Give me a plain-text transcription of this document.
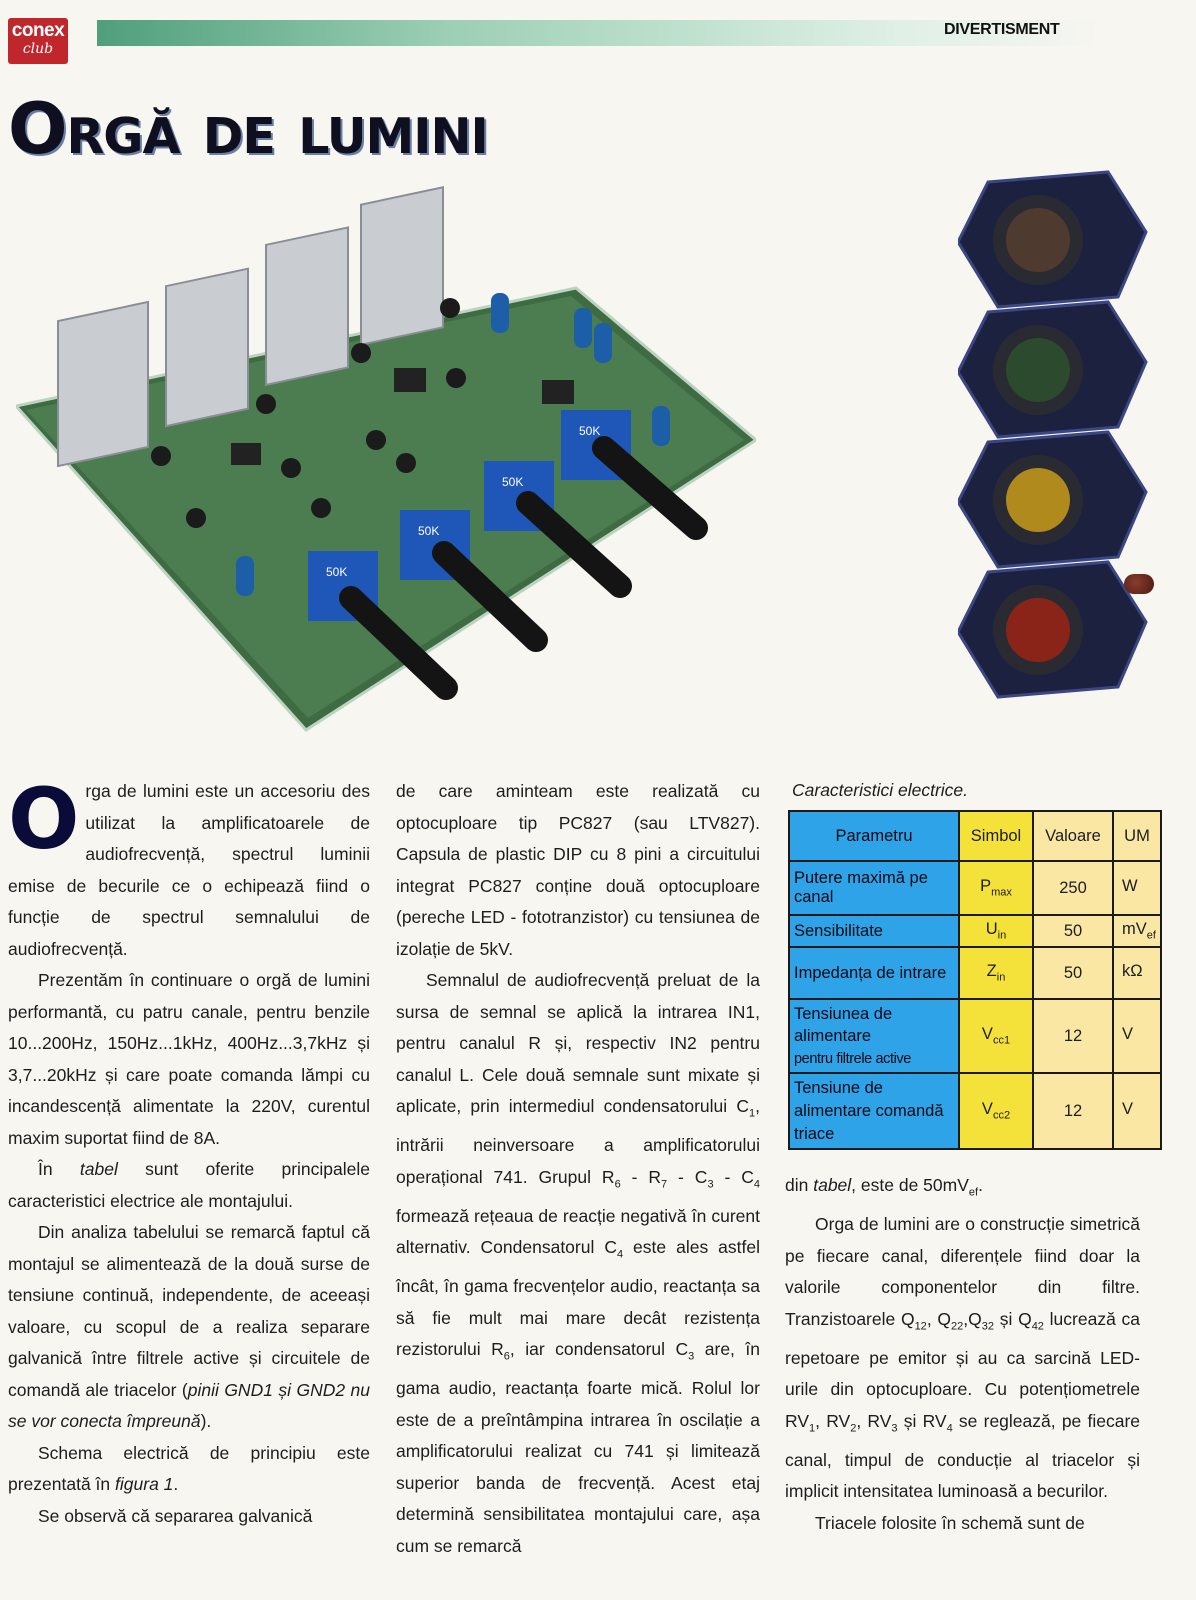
conex
club
DIVERTISMENT
Orgă de lumini
50K
50K
50K
50K

Orga de lumini este un accesoriu des utilizat la amplificatoarele de audiofrecvență, spectrul luminii emise de becurile ce o echipează fiind o funcție de spectrul semnalului de audiofrecvență.

Prezentăm în continuare o orgă de lumini performantă, cu patru canale, pentru benzile 10...200Hz, 150Hz...1kHz, 400Hz...3,7kHz și 3,7...20kHz și care poate comanda lămpi cu incandescență alimentate la 220V, curentul maxim suportat fiind de 8A.

În tabel sunt oferite principalele caracteristici electrice ale montajului.

Din analiza tabelului se remarcă faptul că montajul se alimentează de la două surse de tensiune continuă, independente, de aceeași valoare, cu scopul de a realiza separare galvanică între filtrele active și circuitele de comandă ale triacelor (pinii GND1 și GND2 nu se vor conecta împreună).

Schema electrică de principiu este prezentată în figura 1.

Se observă că separarea galvanică

de care aminteam este realizată cu optocuploare tip PC827 (sau LTV827). Capsula de plastic DIP cu 8 pini a circuitului integrat PC827 conține două optocuploare (pereche LED - fototranzistor) cu tensiunea de izolație de 5kV.

Semnalul de audiofrecvență preluat de la sursa de semnal se aplică la intrarea IN1, pentru canalul R și, respectiv IN2 pentru canalul L. Cele două semnale sunt mixate și aplicate, prin intermediul condensatorului $C_1$, intrării neinversoare a amplificatorului operațional 741. Grupul $R_6 - R_7 - C_3 - C_4$ formează rețeaua de reacție negativă în curent alternativ. Condensatorul $C_4$ este ales astfel încât, în gama frecvențelor audio, reactanța sa să fie mult mai mare decât rezistența rezistorului $R_6$, iar condensatorul $C_3$ are, în gama audio, reactanța foarte mică. Rolul lor este de a preîntâmpina intrarea în oscilație a amplificatorului realizat cu 741 și limitează superior banda de frecvență. Acest etaj determină sensibilitatea montajului care, așa cum se remarcă

Caracteristici electrice.
Parametru	Simbol	Valoare	UM
Putere maximă pe canal	$P_{max}$	250	W
Sensibilitate	$U_{in}$	50	$mV_{ef}$
Impedanța de intrare	$Z_{in}$	50	kΩ
Tensiunea de alimentare
pentru filtrele active	$V_{cc1}$	12	V
Tensiune de alimentare comandă triace	$V_{cc2}$	12	V

din tabel, este de $50mV_{ef}$.

Orga de lumini are o construcție simetrică pe fiecare canal, diferențele fiind doar la valorile componentelor din filtre. Tranzistoarele $Q_{12}$, $Q_{22},Q_{32}$ și $Q_{42}$ lucrează ca repetoare pe emitor și au ca sarcină LED-urile din optocuploare. Cu potențiometrele $RV_1$, $RV_2$, $RV_3$ și $RV_4$ se reglează, pe fiecare canal, timpul de conducție al triacelor și implicit intensitatea luminoasă a becurilor.

Triacele folosite în schemă sunt de
